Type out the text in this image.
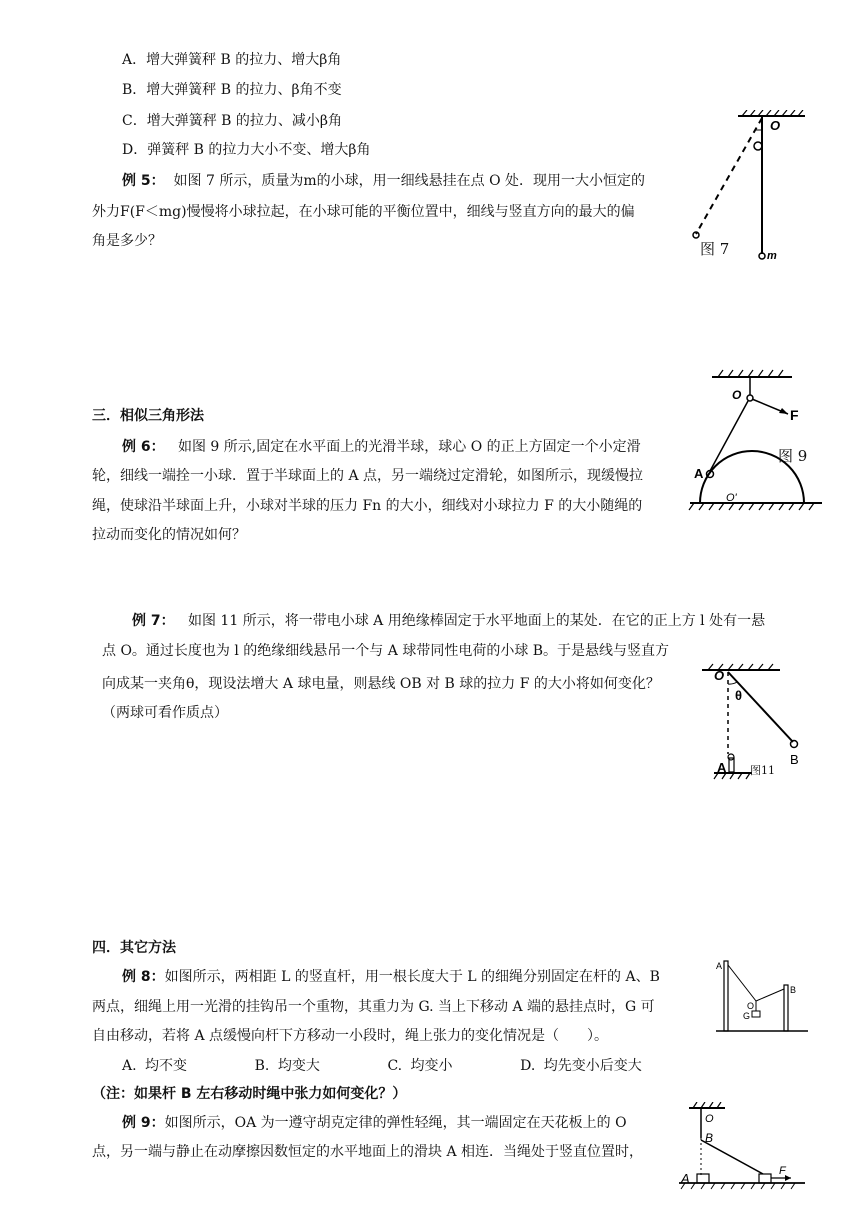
A．增大弹簧秤 B 的拉力、增大β角
B．增大弹簧秤 B 的拉力、β角不变
C．增大弹簧秤 B 的拉力、减小β角
D．弹簧秤 B 的拉力大小不变、增大β角
例 5： 如图 7 所示，质量为m的小球，用一细线悬挂在点 O 处．现用一大小恒定的
外力F(F＜mg)慢慢将小球拉起，在小球可能的平衡位置中，细线与竖直方向的最大的偏
角是多少？
O
m
图 7
三．相似三角形法
例 6： 如图 9 所示,固定在水平面上的光滑半球，球心 O 的正上方固定一个小定滑
轮，细线一端拴一小球．置于半球面上的 A 点，另一端绕过定滑轮，如图所示，现缓慢拉
绳，使球沿半球面上升，小球对半球的压力 Fn 的大小，细线对小球拉力 F 的大小随绳的
拉动而变化的情况如何？
O
F
A
O'
图 9
例 7： 如图 11 所示，将一带电小球 A 用绝缘棒固定于水平地面上的某处．在它的正上方 l 处有一悬
点 O。通过长度也为 l 的绝缘细线悬吊一个与 A 球带同性电荷的小球 B。于是悬线与竖直方
向成某一夹角θ，现设法增大 A 球电量，则悬线 OB 对 B 球的拉力 F 的大小将如何变化？
（两球可看作质点）
O
θ
A
B
图11
四．其它方法
例 8：如图所示，两相距 L 的竖直杆，用一根长度大于 L 的细绳分别固定在杆的 A、B
两点，细绳上用一光滑的挂钩吊一个重物，其重力为 G. 当上下移动 A 端的悬挂点时，G 可
自由移动，若将 A 点缓慢向杆下方移动一小段时，绳上张力的变化情况是（　　）。
A. 均不变	B. 均变大	C. 均变小	D. 均先变小后变大
（注：如果杆 B 左右移动时绳中张力如何变化？）
A
B
O
G
例 9：如图所示，OA 为一遵守胡克定律的弹性轻绳，其一端固定在天花板上的 O
点，另一端与静止在动摩擦因数恒定的水平地面上的滑块 A 相连．当绳处于竖直位置时，
O
B
A	F
